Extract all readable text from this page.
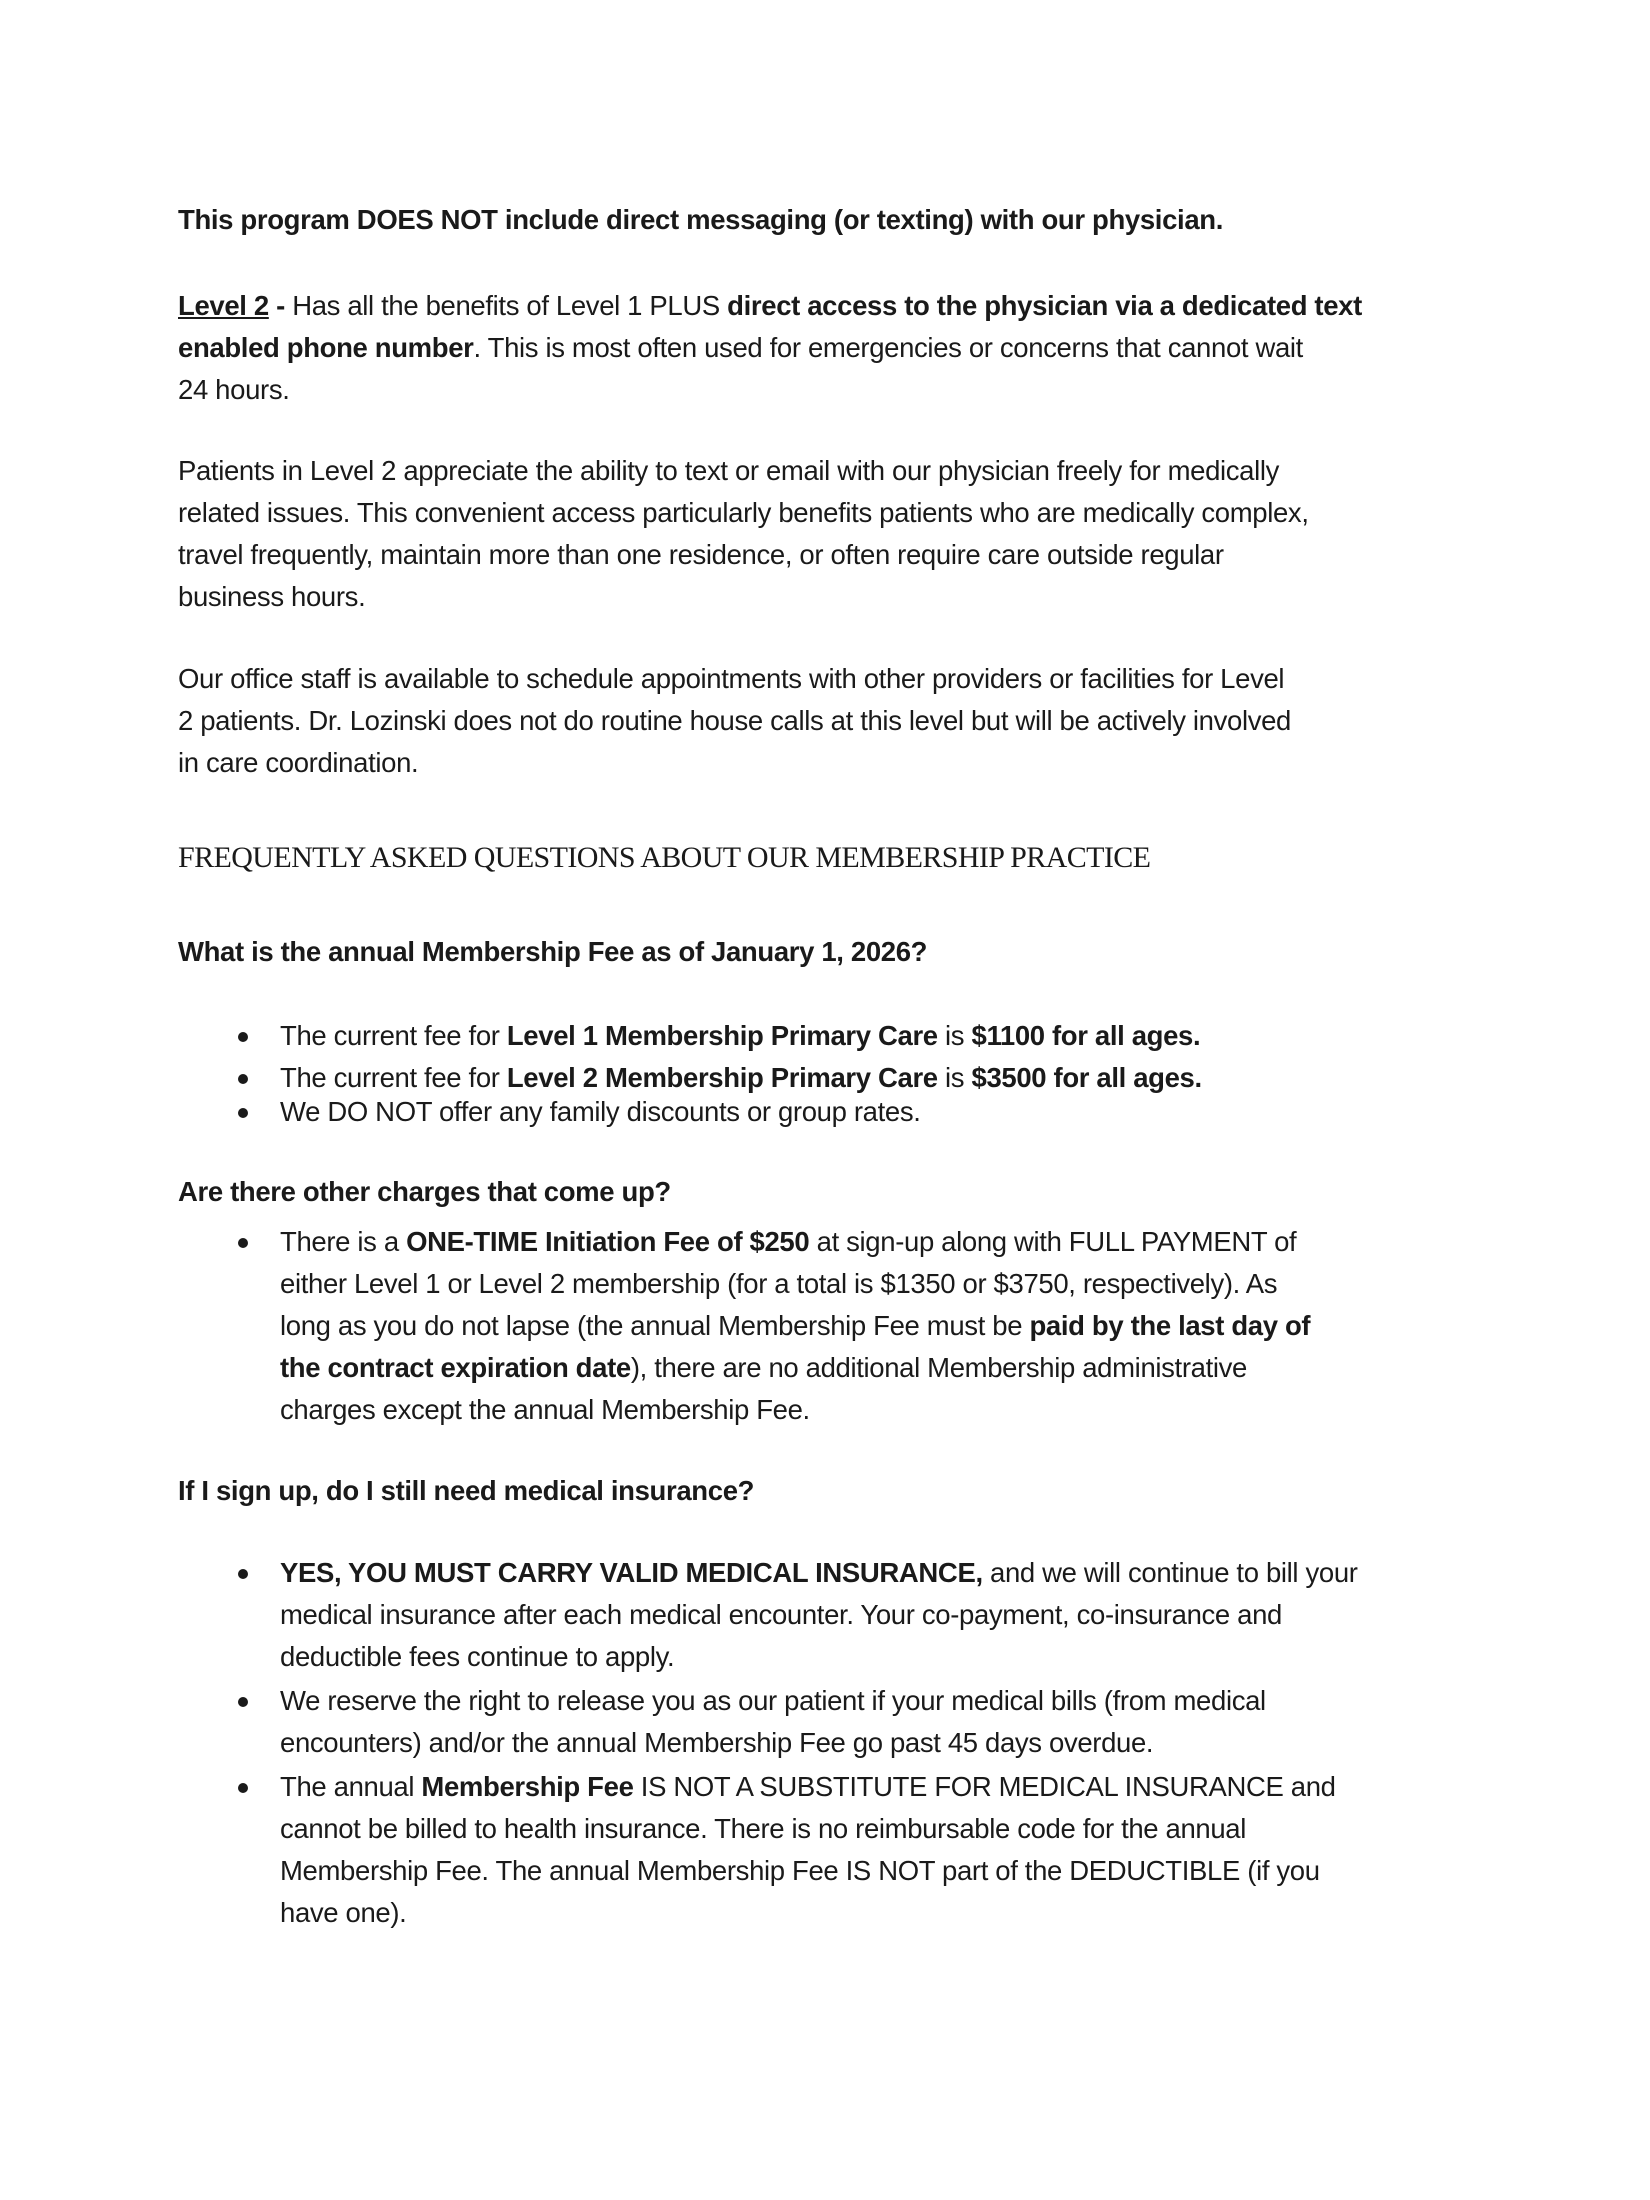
This program DOES NOT include direct messaging (or texting) with our physician.
Level 2 - Has all the benefits of Level 1 PLUS direct access to the physician via a dedicated text
enabled phone number. This is most often used for emergencies or concerns that cannot wait
24 hours.
Patients in Level 2 appreciate the ability to text or email with our physician freely for medically
related issues. This convenient access particularly benefits patients who are medically complex,
travel frequently, maintain more than one residence, or often require care outside regular
business hours.
Our office staff is available to schedule appointments with other providers or facilities for Level
2 patients. Dr. Lozinski does not do routine house calls at this level but will be actively involved
in care coordination.
FREQUENTLY ASKED QUESTIONS ABOUT OUR MEMBERSHIP PRACTICE
What is the annual Membership Fee as of January 1, 2026?
The current fee for Level 1 Membership Primary Care is $1100 for all ages.
The current fee for Level 2 Membership Primary Care is $3500 for all ages.
We DO NOT offer any family discounts or group rates.
Are there other charges that come up?
There is a ONE-TIME Initiation Fee of $250 at sign-up along with FULL PAYMENT of
either Level 1 or Level 2 membership (for a total is $1350 or $3750, respectively). As
long as you do not lapse (the annual Membership Fee must be paid by the last day of
the contract expiration date), there are no additional Membership administrative
charges except the annual Membership Fee.
If I sign up, do I still need medical insurance?
YES, YOU MUST CARRY VALID MEDICAL INSURANCE, and we will continue to bill your
medical insurance after each medical encounter. Your co-payment, co-insurance and
deductible fees continue to apply.
We reserve the right to release you as our patient if your medical bills (from medical
encounters) and/or the annual Membership Fee go past 45 days overdue.
The annual Membership Fee IS NOT A SUBSTITUTE FOR MEDICAL INSURANCE and
cannot be billed to health insurance. There is no reimbursable code for the annual
Membership Fee. The annual Membership Fee IS NOT part of the DEDUCTIBLE (if you
have one).
